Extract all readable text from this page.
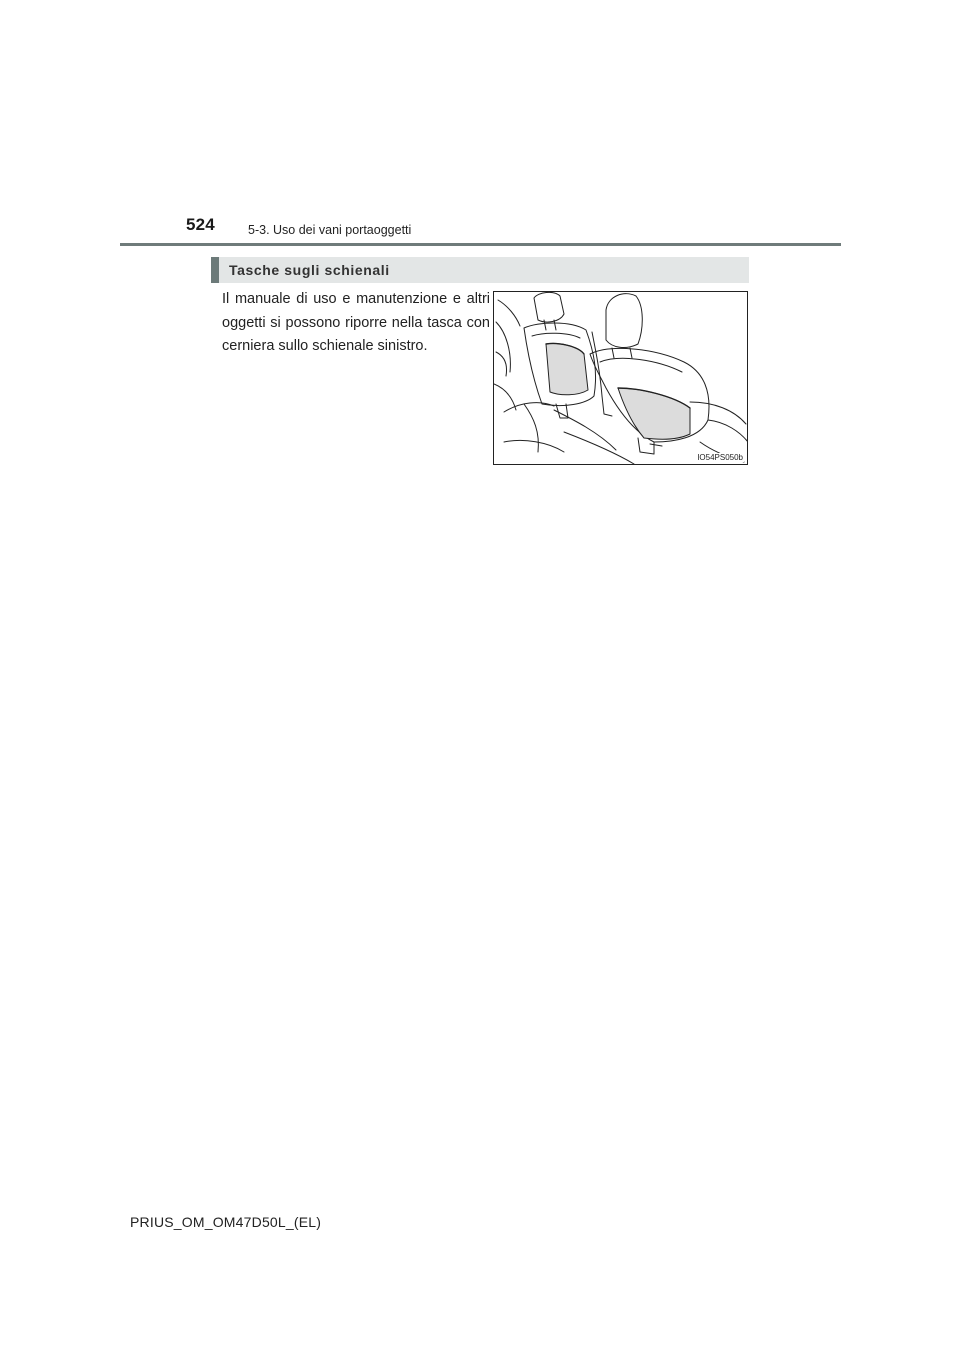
524	5-3. Uso dei vani portaoggetti
Tasche sugli schienali
Il manuale di uso e manutenzione e altri oggetti si possono riporre nella tasca con cerniera sullo schienale sinistro.
IO54PS050b
PRIUS_OM_OM47D50L_(EL)
